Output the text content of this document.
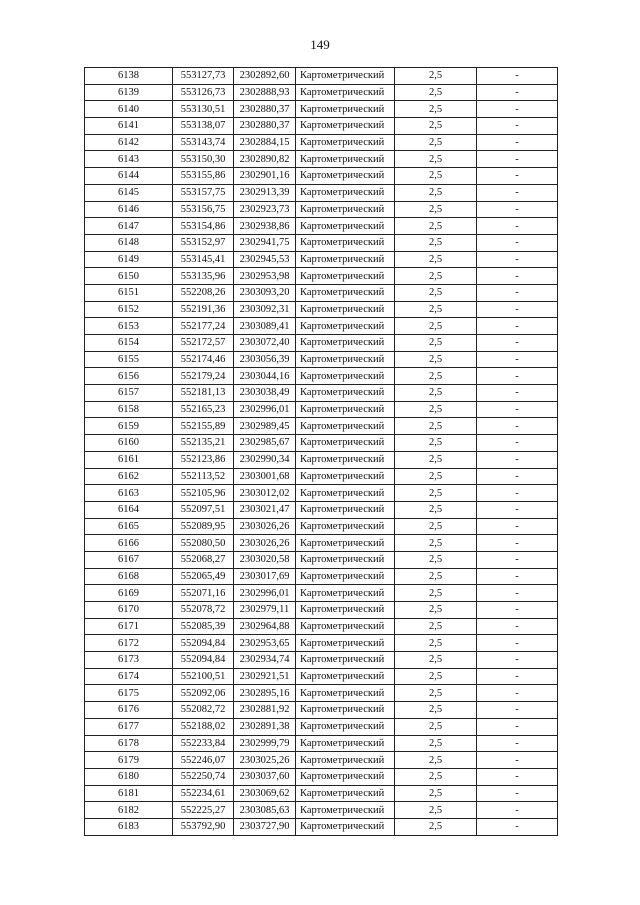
149
6138	553127,73	2302892,60	Картометрический	2,5	-
6139	553126,73	2302888,93	Картометрический	2,5	-
6140	553130,51	2302880,37	Картометрический	2,5	-
6141	553138,07	2302880,37	Картометрический	2,5	-
6142	553143,74	2302884,15	Картометрический	2,5	-
6143	553150,30	2302890,82	Картометрический	2,5	-
6144	553155,86	2302901,16	Картометрический	2,5	-
6145	553157,75	2302913,39	Картометрический	2,5	-
6146	553156,75	2302923,73	Картометрический	2,5	-
6147	553154,86	2302938,86	Картометрический	2,5	-
6148	553152,97	2302941,75	Картометрический	2,5	-
6149	553145,41	2302945,53	Картометрический	2,5	-
6150	553135,96	2302953,98	Картометрический	2,5	-
6151	552208,26	2303093,20	Картометрический	2,5	-
6152	552191,36	2303092,31	Картометрический	2,5	-
6153	552177,24	2303089,41	Картометрический	2,5	-
6154	552172,57	2303072,40	Картометрический	2,5	-
6155	552174,46	2303056,39	Картометрический	2,5	-
6156	552179,24	2303044,16	Картометрический	2,5	-
6157	552181,13	2303038,49	Картометрический	2,5	-
6158	552165,23	2302996,01	Картометрический	2,5	-
6159	552155,89	2302989,45	Картометрический	2,5	-
6160	552135,21	2302985,67	Картометрический	2,5	-
6161	552123,86	2302990,34	Картометрический	2,5	-
6162	552113,52	2303001,68	Картометрический	2,5	-
6163	552105,96	2303012,02	Картометрический	2,5	-
6164	552097,51	2303021,47	Картометрический	2,5	-
6165	552089,95	2303026,26	Картометрический	2,5	-
6166	552080,50	2303026,26	Картометрический	2,5	-
6167	552068,27	2303020,58	Картометрический	2,5	-
6168	552065,49	2303017,69	Картометрический	2,5	-
6169	552071,16	2302996,01	Картометрический	2,5	-
6170	552078,72	2302979,11	Картометрический	2,5	-
6171	552085,39	2302964,88	Картометрический	2,5	-
6172	552094,84	2302953,65	Картометрический	2,5	-
6173	552094,84	2302934,74	Картометрический	2,5	-
6174	552100,51	2302921,51	Картометрический	2,5	-
6175	552092,06	2302895,16	Картометрический	2,5	-
6176	552082,72	2302881,92	Картометрический	2,5	-
6177	552188,02	2302891,38	Картометрический	2,5	-
6178	552233,84	2302999,79	Картометрический	2,5	-
6179	552246,07	2303025,26	Картометрический	2,5	-
6180	552250,74	2303037,60	Картометрический	2,5	-
6181	552234,61	2303069,62	Картометрический	2,5	-
6182	552225,27	2303085,63	Картометрический	2,5	-
6183	553792,90	2303727,90	Картометрический	2,5	-
